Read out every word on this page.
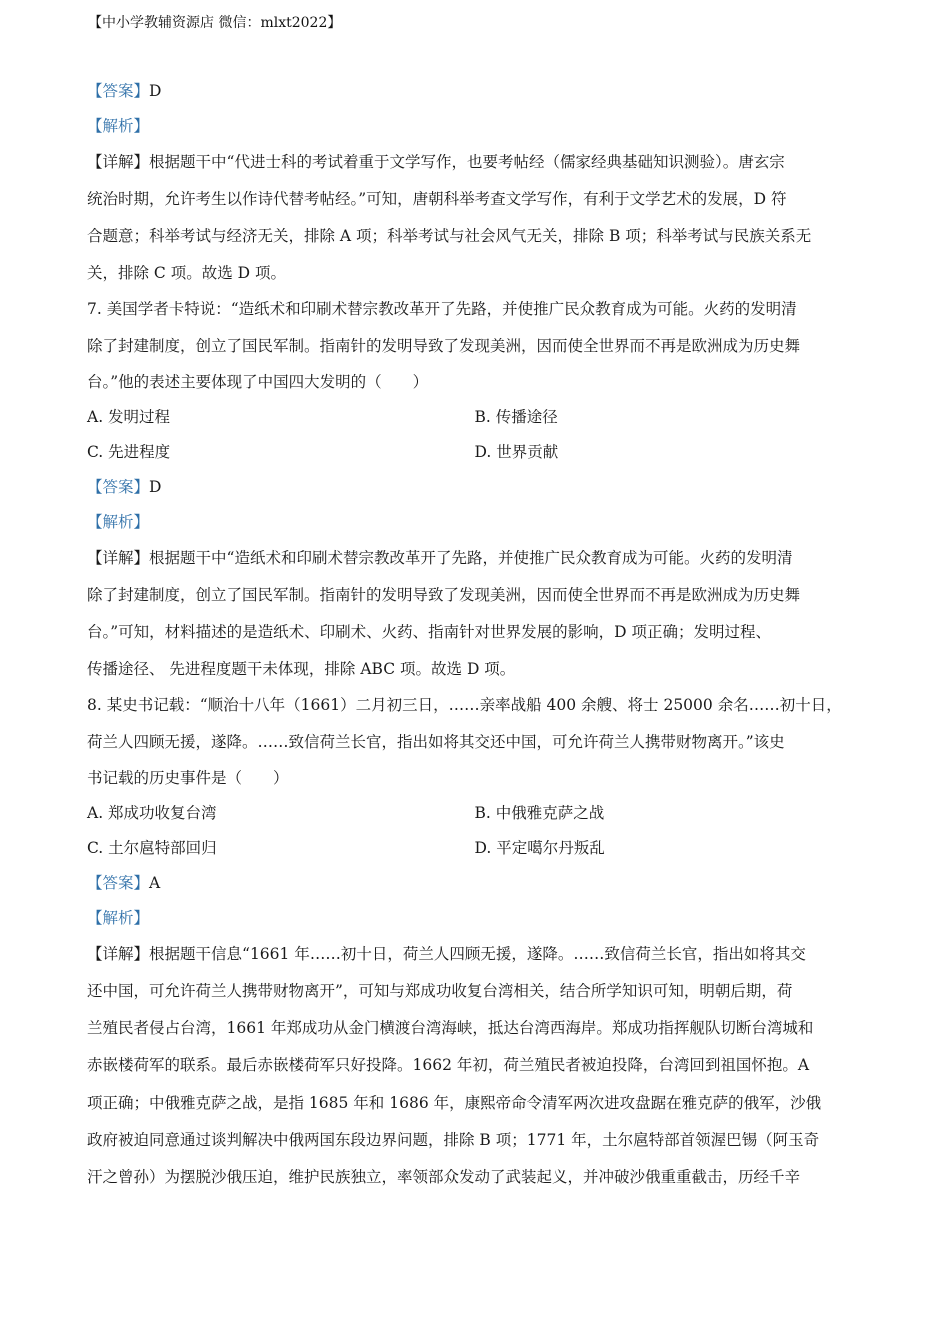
【中小学教辅资源店 微信：mlxt2022】
【答案】D
【解析】
【详解】根据题干中“代进士科的考试着重于文学写作，也要考帖经（儒家经典基础知识测验）。唐玄宗
统治时期，允许考生以作诗代替考帖经。”可知，唐朝科举考查文学写作，有利于文学艺术的发展，D 符
合题意；科举考试与经济无关，排除 A 项；科举考试与社会风气无关，排除 B 项；科举考试与民族关系无
关，排除 C 项。故选 D 项。
7. 美国学者卡特说：“造纸术和印刷术替宗教改革开了先路，并使推广民众教育成为可能。火药的发明清
除了封建制度，创立了国民军制。指南针的发明导致了发现美洲，因而使全世界而不再是欧洲成为历史舞
台。”他的表述主要体现了中国四大发明的（　　）
A. 发明过程	B. 传播途径
C. 先进程度	D. 世界贡献
【答案】D
【解析】
【详解】根据题干中“造纸术和印刷术替宗教改革开了先路，并使推广民众教育成为可能。火药的发明清
除了封建制度，创立了国民军制。指南针的发明导致了发现美洲，因而使全世界而不再是欧洲成为历史舞
台。”可知，材料描述的是造纸术、印刷术、火药、指南针对世界发展的影响，D 项正确；发明过程、
传播途径、 先进程度题干未体现，排除 ABC 项。故选 D 项。
8. 某史书记载：“顺治十八年（1661）二月初三日，……亲率战船 400 余艘、将士 25000 余名……初十日，
荷兰人四顾无援，遂降。……致信荷兰长官，指出如将其交还中国，可允许荷兰人携带财物离开。”该史
书记载的历史事件是（　　）
A. 郑成功收复台湾	B. 中俄雅克萨之战
C. 土尔扈特部回归	D. 平定噶尔丹叛乱
【答案】A
【解析】
【详解】根据题干信息“1661 年……初十日，荷兰人四顾无援，遂降。……致信荷兰长官，指出如将其交
还中国，可允许荷兰人携带财物离开”，可知与郑成功收复台湾相关，结合所学知识可知，明朝后期，荷
兰殖民者侵占台湾，1661 年郑成功从金门横渡台湾海峡，抵达台湾西海岸。郑成功指挥舰队切断台湾城和
赤嵌楼荷军的联系。最后赤嵌楼荷军只好投降。1662 年初，荷兰殖民者被迫投降，台湾回到祖国怀抱。A
项正确；中俄雅克萨之战，是指 1685 年和 1686 年，康熙帝命令清军两次进攻盘踞在雅克萨的俄军，沙俄
政府被迫同意通过谈判解决中俄两国东段边界问题，排除 B 项；1771 年，土尔扈特部首领渥巴锡（阿玉奇
汗之曾孙）为摆脱沙俄压迫，维护民族独立，率领部众发动了武装起义，并冲破沙俄重重截击，历经千辛
